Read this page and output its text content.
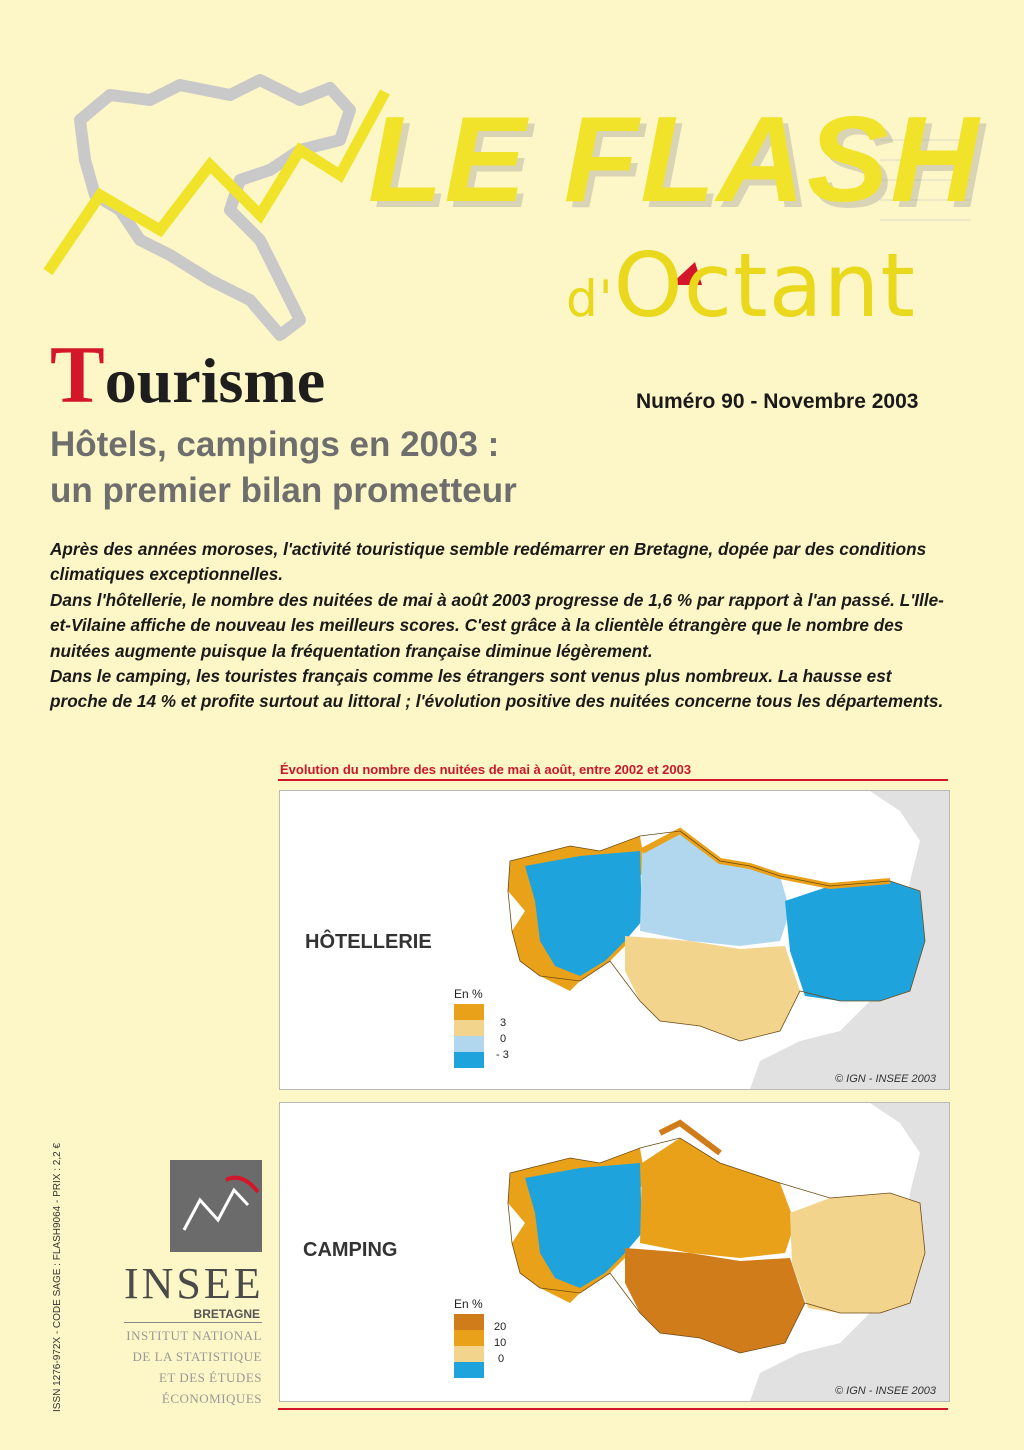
LE FLASH
d'Octant
Tourisme	Numéro 90 - Novembre 2003
Hôtels, campings en 2003 :
un premier bilan prometteur

Après des années moroses, l'activité touristique semble redémarrer en Bretagne, dopée par des conditions climatiques exceptionnelles.

Dans l'hôtellerie, le nombre des nuitées de mai à août 2003 progresse de 1,6 % par rapport à l'an passé. L'Ille-et-Vilaine affiche de nouveau les meilleurs scores. C'est grâce à la clientèle étrangère que le nombre des nuitées augmente puisque la fréquentation française diminue légèrement.

Dans le camping, les touristes français comme les étrangers sont venus plus nombreux. La hausse est proche de 14 % et profite surtout au littoral ; l'évolution positive des nuitées concerne tous les départements.

Évolution du nombre des nuitées de mai à août, entre 2002 et 2003
HÔTELLERIE
En %
3
0
- 3
© IGN - INSEE 2003
CAMPING
En %
20
10
0
© IGN - INSEE 2003
INSEE
BRETAGNE
INSTITUT NATIONAL
DE LA STATISTIQUE
ET DES ÉTUDES
ÉCONOMIQUES
ISSN 1276-972X - CODE SAGE : FLASH9064 - PRIX : 2,2 €
